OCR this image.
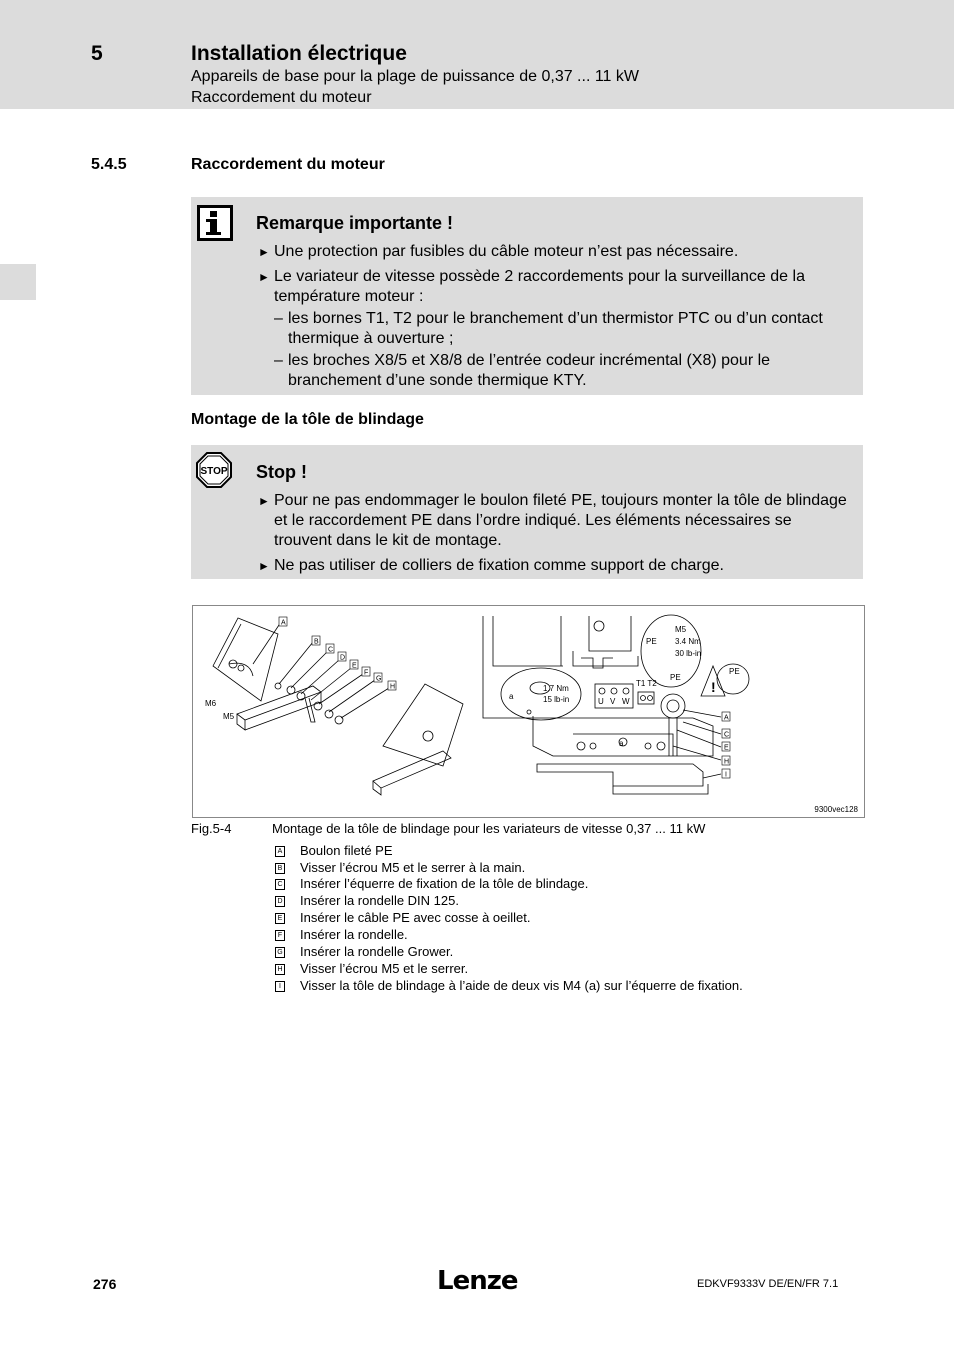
5	Installation électrique
Appareils de base pour la plage de puissance de 0,37 ... 11 kW
Raccordement du moteur
5.4.5	Raccordement du moteur
Remarque importante !
► Une protection par fusibles du câble moteur n’est pas nécessaire.
► Le variateur de vitesse possède 2 raccordements pour la surveillance de la température moteur :
– les bornes T1, T2 pour le branchement d’un thermistor PTC ou d’un contact thermique à ouverture ;
– les broches X8/5 et X8/8 de l’entrée codeur incrémental (X8) pour le branchement d’une sonde thermique KTY.
Montage de la tôle de blindage
STOP Stop !
► Pour ne pas endommager le boulon fileté PE, toujours monter la tôle de blindage et le raccordement PE dans l’ordre indiqué. Les éléments nécessaires se trouvent dans le kit de montage.
► Ne pas utiliser de colliers de fixation comme support de charge.
M6
M5
A
B
C
D
E
F
G
H
a
a
1.7 Nm
15 lb-in
M5
3.4 Nm
30 lb-in
PE
PE
PE
U V W
T1 T2	!
A
C
E
H
I
9300vec128
Fig.5-4	Montage de la tôle de blindage pour les variateurs de vitesse 0,37 ... 11 kW
A Boulon fileté PE
B Visser l’écrou M5 et le serrer à la main.
C Insérer l’équerre de fixation de la tôle de blindage.
D Insérer la rondelle DIN 125.
E Insérer le câble PE avec cosse à oeillet.
F Insérer la rondelle.
G Insérer la rondelle Grower.
H Visser l’écrou M5 et le serrer.
I	Visser la tôle de blindage à l’aide de deux vis M4 (a) sur l’équerre de fixation.
276	Lenze	EDKVF9333V DE/EN/FR 7.1
